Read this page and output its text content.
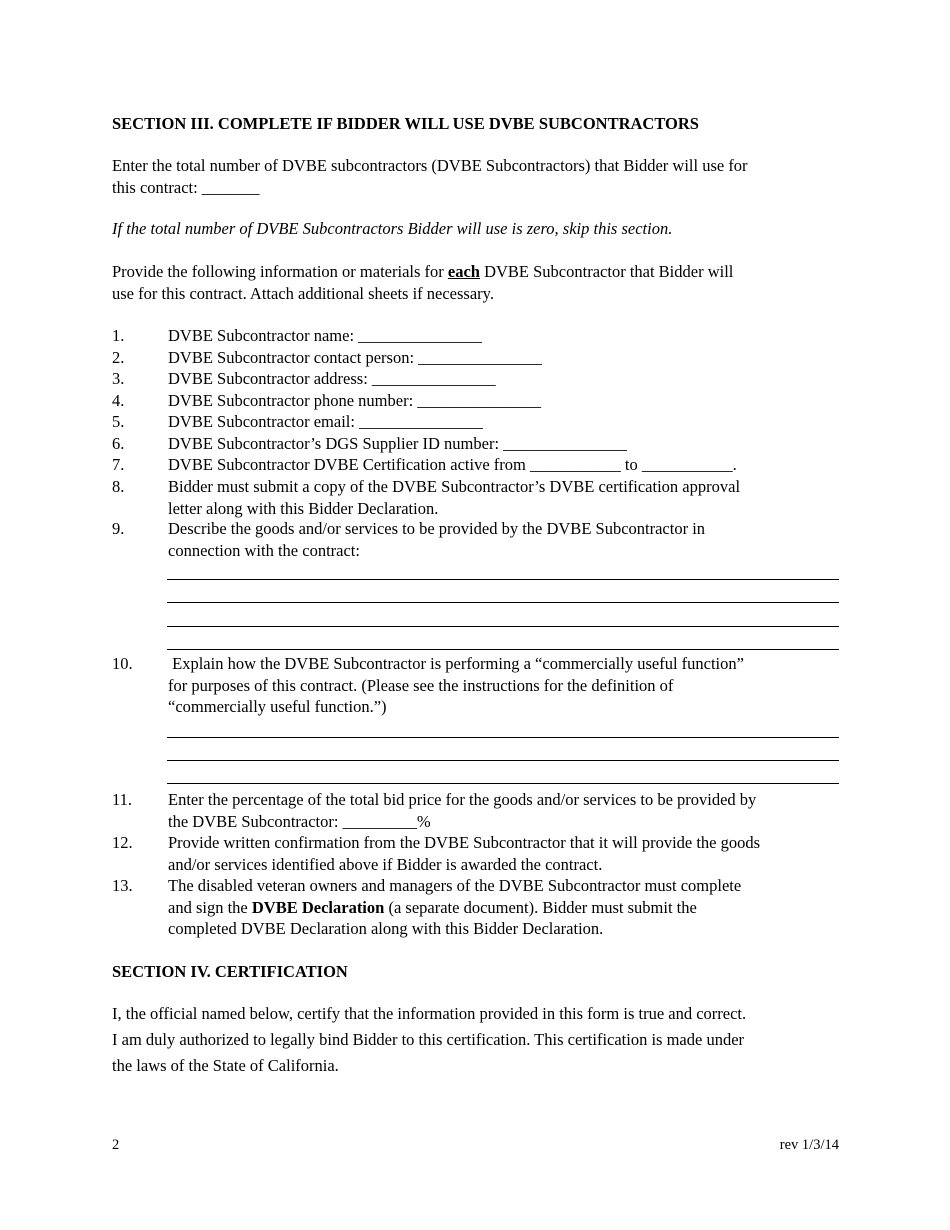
SECTION III. COMPLETE IF BIDDER WILL USE DVBE SUBCONTRACTORS
Enter the total number of DVBE subcontractors (DVBE Subcontractors) that Bidder will use for
this contract: _______
If the total number of DVBE Subcontractors Bidder will use is zero, skip this section.
Provide the following information or materials for each DVBE Subcontractor that Bidder will
use for this contract. Attach additional sheets if necessary.
1.	DVBE Subcontractor name: _______________
2.	DVBE Subcontractor contact person: _______________
3.	DVBE Subcontractor address: _______________
4.	DVBE Subcontractor phone number: _______________
5.	DVBE Subcontractor email: _______________
6.	DVBE Subcontractor’s DGS Supplier ID number: _______________
7.	DVBE Subcontractor DVBE Certification active from ___________ to ___________.
8.	Bidder must submit a copy of the DVBE Subcontractor’s DVBE certification approval
letter along with this Bidder Declaration.
9.	Describe the goods and/or services to be provided by the DVBE Subcontractor in
connection with the contract:
10. Explain how the DVBE Subcontractor is performing a “commercially useful function”
for purposes of this contract. (Please see the instructions for the definition of
“commercially useful function.”)
11. Enter the percentage of the total bid price for the goods and/or services to be provided by
the DVBE Subcontractor: _________%
12. Provide written confirmation from the DVBE Subcontractor that it will provide the goods
and/or services identified above if Bidder is awarded the contract.
13. The disabled veteran owners and managers of the DVBE Subcontractor must complete
and sign the DVBE Declaration (a separate document). Bidder must submit the
completed DVBE Declaration along with this Bidder Declaration.
SECTION IV. CERTIFICATION
I, the official named below, certify that the information provided in this form is true and correct.
I am duly authorized to legally bind Bidder to this certification. This certification is made under
the laws of the State of California.
2	rev 1/3/14
